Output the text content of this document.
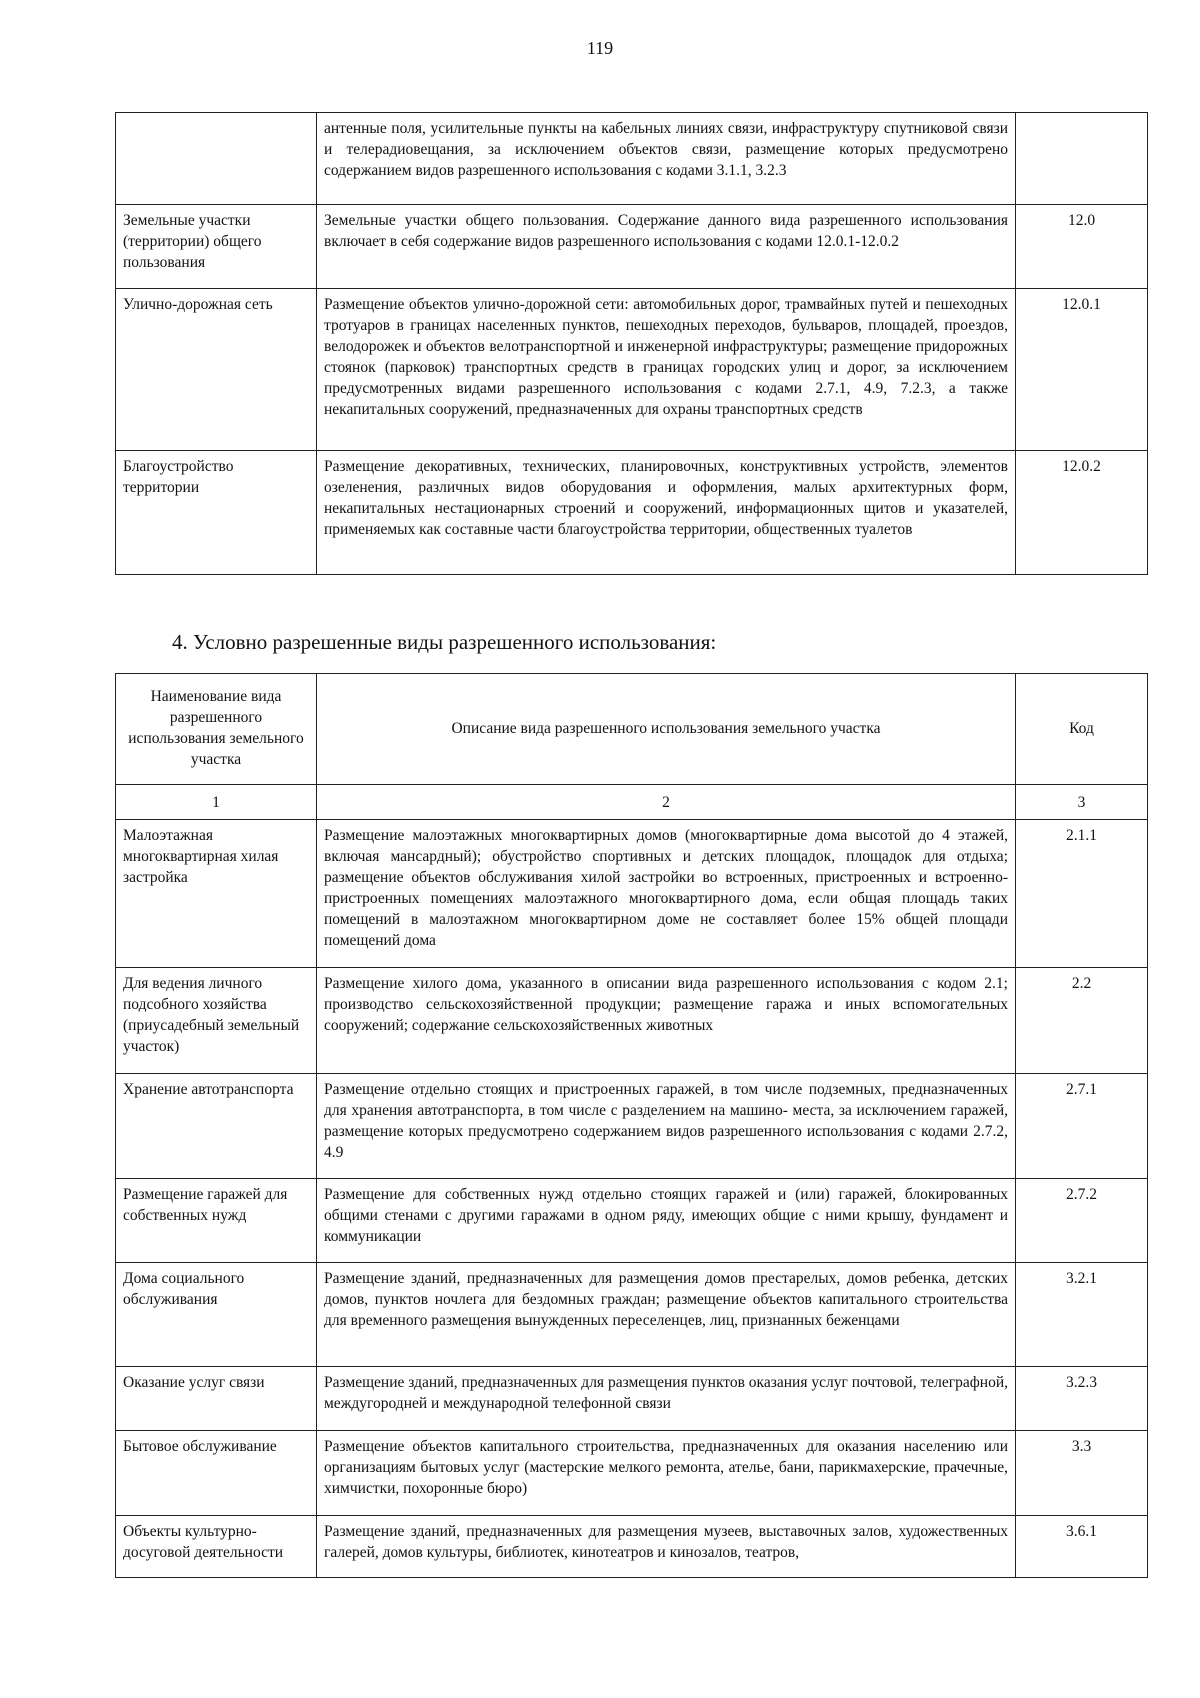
119
	антенные поля, усилительные пункты на кабельных линиях связи, инфраструктуру спутниковой связи и телерадиовещания, за исключением объектов связи, размещение которых предусмотрено содержанием видов разрешенного использования с кодами 3.1.1, 3.2.3	
Земельные участки (территории) общего пользования	Земельные участки общего пользования. Содержание данного вида разрешенного использования включает в себя содержание видов разрешенного использования с кодами 12.0.1-12.0.2	12.0
Улично-дорожная сеть	Размещение объектов улично-дорожной сети: автомобильных дорог, трамвайных путей и пешеходных тротуаров в границах населенных пунктов, пешеходных переходов, бульваров, площадей, проездов, велодорожек и объектов велотранспортной и инженерной инфраструктуры; размещение придорожных стоянок (парковок) транспортных средств в границах городских улиц и дорог, за исключением предусмотренных видами разрешенного использования с кодами 2.7.1, 4.9, 7.2.3, а также некапитальных сооружений, предназначенных для охраны транспортных средств	12.0.1
Благоустройство территории	Размещение декоративных, технических, планировочных, конструктивных устройств, элементов озеленения, различных видов оборудования и оформления, малых архитектурных форм, некапитальных нестационарных строений и сооружений, информационных щитов и указателей, применяемых как составные части благоустройства территории, общественных туалетов	12.0.2
4. Условно разрешенные виды разрешенного использования:
Наименование вида разрешенного использования земельного участка	Описание вида разрешенного использования земельного участка	Код
1	2	3
Малоэтажная многоквартирная хилая застройка	Размещение малоэтажных многоквартирных домов (многоквартирные дома высотой до 4 этажей, включая мансардный); обустройство спортивных и детских площадок, площадок для отдыха; размещение объектов обслуживания хилой застройки во встроенных, пристроенных и встроенно-пристроенных помещениях малоэтажного многоквартирного дома, если общая площадь таких помещений в малоэтажном многоквартирном доме не составляет более 15% общей площади помещений дома	2.1.1
Для ведения личного подсобного хозяйства (приусадебный земельный участок)	Размещение хилого дома, указанного в описании вида разрешенного использования с кодом 2.1; производство сельскохозяйственной продукции; размещение гаража и иных вспомогательных сооружений; содержание сельскохозяйственных животных	2.2
Хранение автотранспорта	Размещение отдельно стоящих и пристроенных гаражей, в том числе подземных, предназначенных для хранения автотранспорта, в том числе с разделением на машино- места, за исключением гаражей, размещение которых предусмотрено содержанием видов разрешенного использования с кодами 2.7.2, 4.9	2.7.1
Размещение гаражей для собственных нужд	Размещение для собственных нужд отдельно стоящих гаражей и (или) гаражей, блокированных общими стенами с другими гаражами в одном ряду, имеющих общие с ними крышу, фундамент и коммуникации	2.7.2
Дома социального обслуживания	Размещение зданий, предназначенных для размещения домов престарелых, домов ребенка, детских домов, пунктов ночлега для бездомных граждан; размещение объектов капитального строительства для временного размещения вынужденных переселенцев, лиц, признанных беженцами	3.2.1
Оказание услуг связи	Размещение зданий, предназначенных для размещения пунктов оказания услуг почтовой, телеграфной, междугородней и международной телефонной связи	3.2.3
Бытовое обслуживание	Размещение объектов капитального строительства, предназначенных для оказания населению или организациям бытовых услуг (мастерские мелкого ремонта, ателье, бани, парикмахерские, прачечные, химчистки, похоронные бюро)	3.3
Объекты культурно-досуговой деятельности	Размещение зданий, предназначенных для размещения музеев, выставочных залов, художественных галерей, домов культуры, библиотек, кинотеатров и кинозалов, театров,	3.6.1
